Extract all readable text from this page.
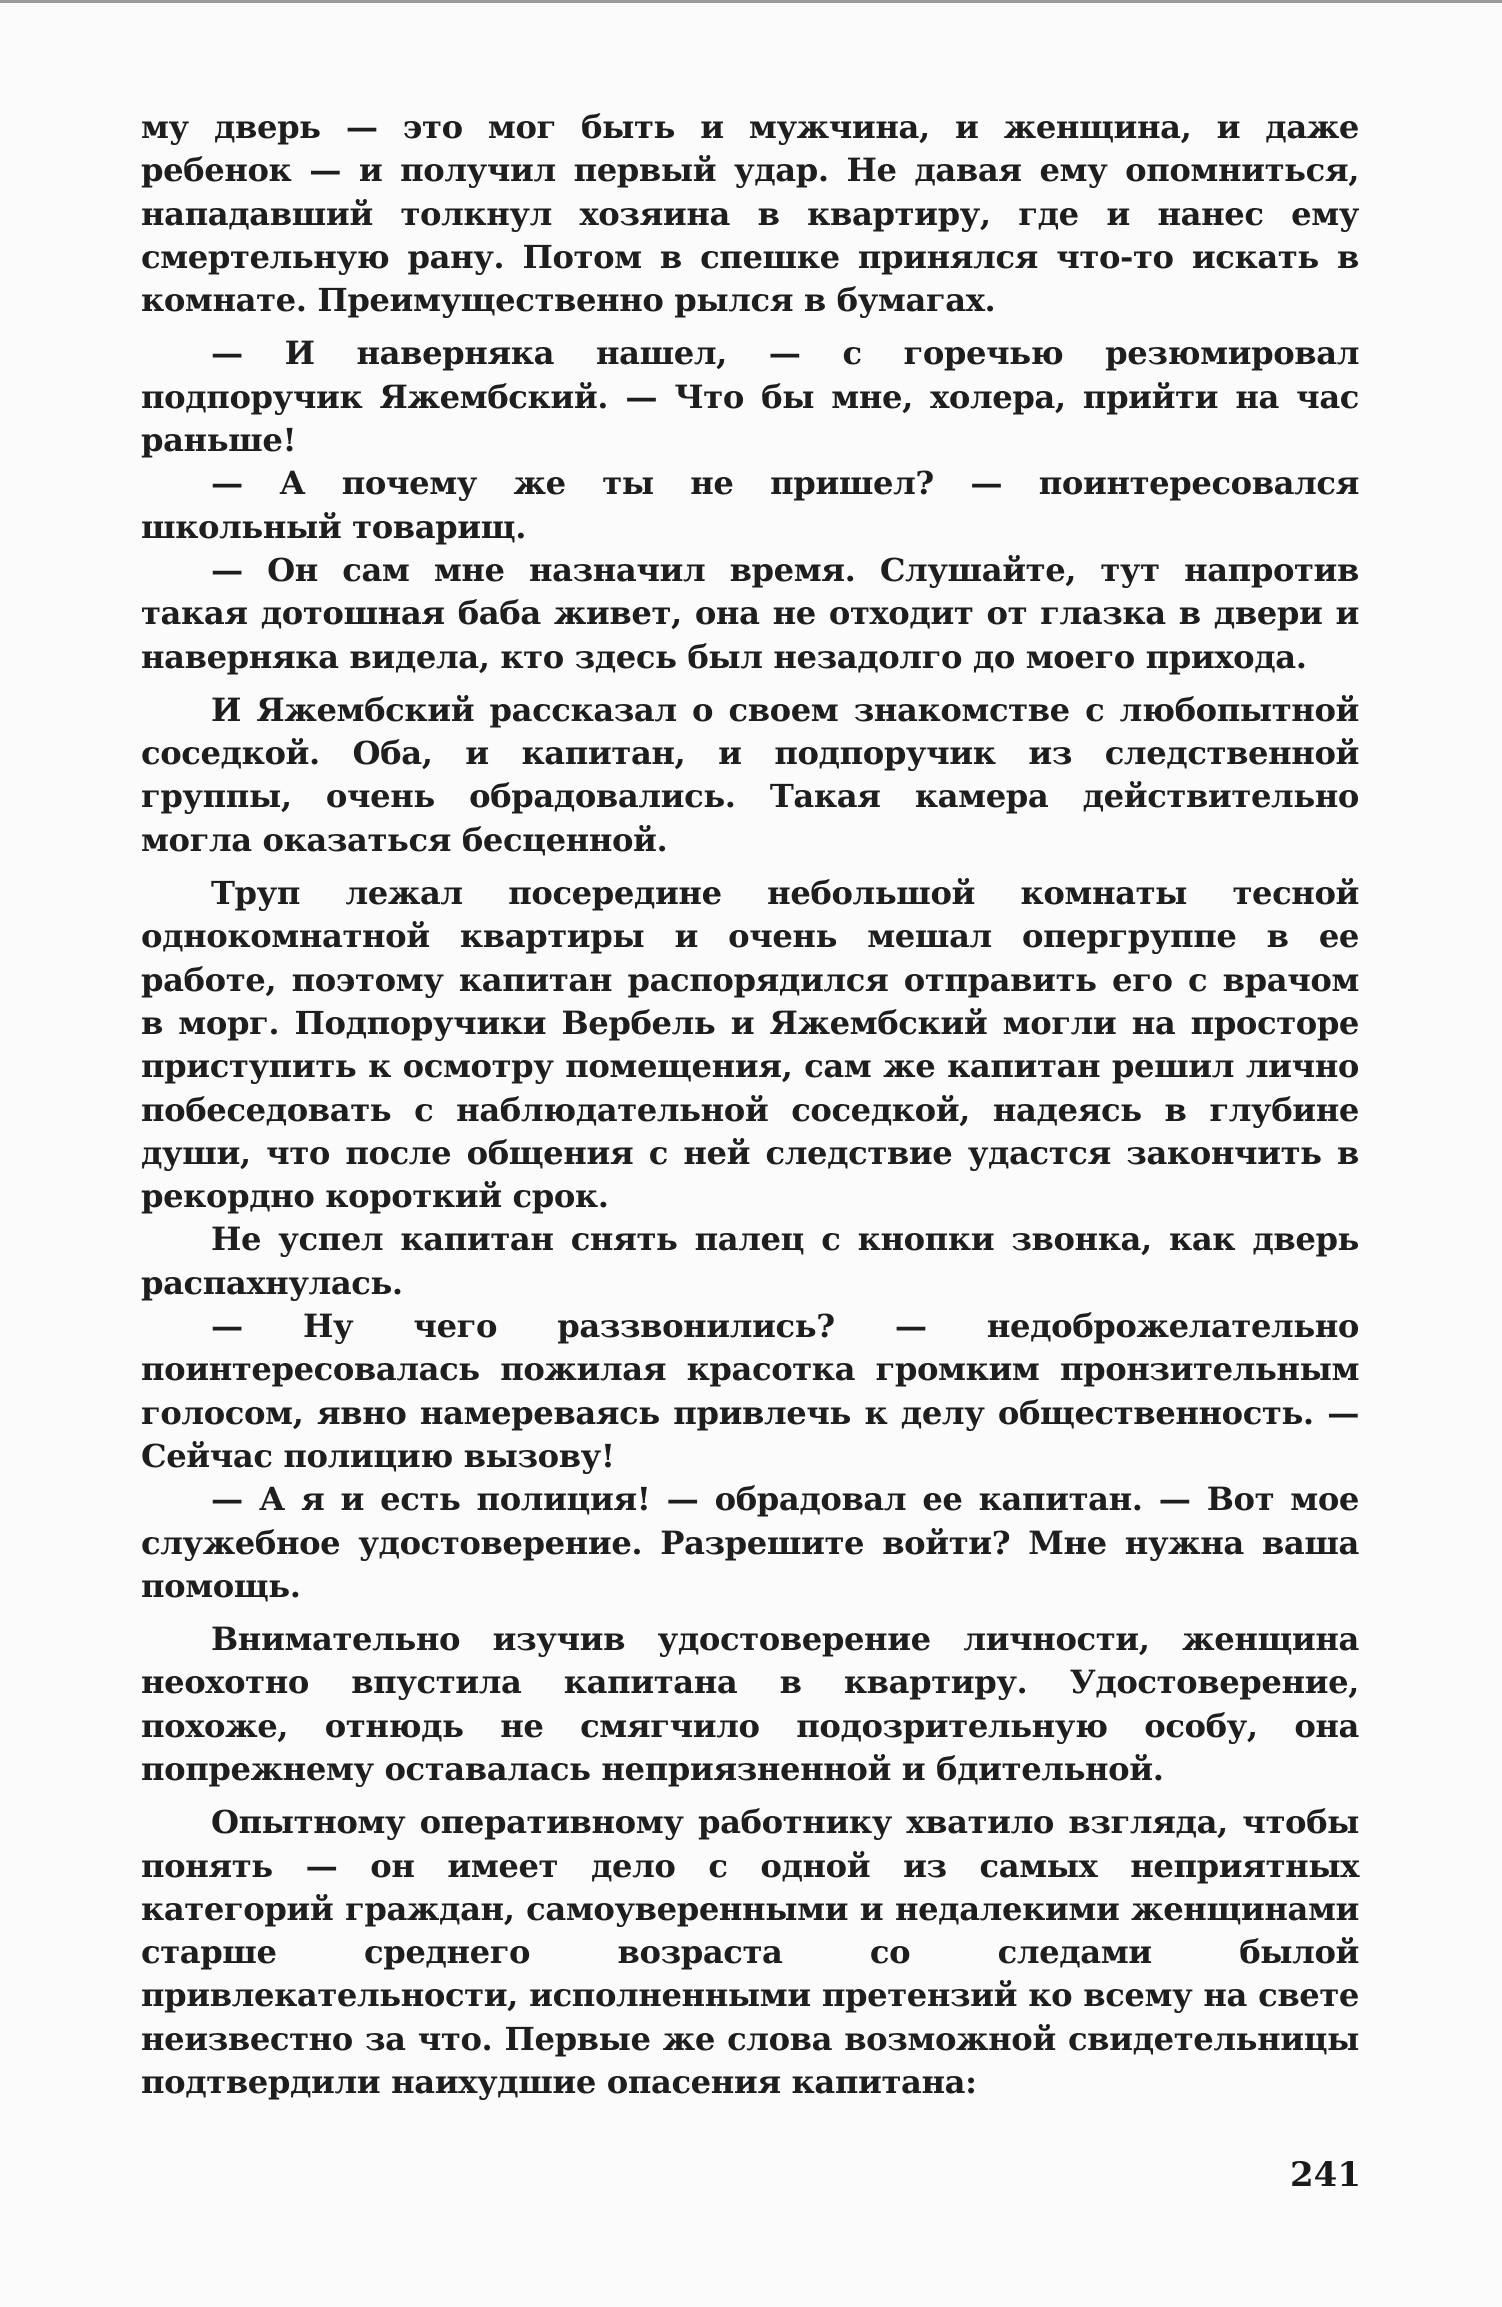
му дверь — это мог быть и мужчина, и женщина, и даже ребенок — и получил первый удар. Не давая ему опомниться, нападавший толкнул хозяина в квартиру, где и нанес ему смертельную рану. Потом в спешке принялся что-то искать в комнате. Преимущественно рылся в бумагах.

— И наверняка нашел, — с горечью резюмировал подпоручик Яжембский. — Что бы мне, холера, прийти на час раньше!

— А почему же ты не пришел? — поинтересовался школьный товарищ.

— Он сам мне назначил время. Слушайте, тут напротив такая дотошная баба живет, она не отходит от глазка в двери и наверняка видела, кто здесь был незадолго до моего прихода.

И Яжембский рассказал о своем знакомстве с любопытной соседкой. Оба, и капитан, и подпоручик из следственной группы, очень обрадовались. Такая камера действительно могла оказаться бесценной.

Труп лежал посередине небольшой комнаты тесной однокомнатной квартиры и очень мешал опергруппе в ее работе, поэтому капитан распорядился отправить его с врачом в морг. Подпоручики Вербель и Яжембский могли на просторе приступить к осмотру помещения, сам же капитан решил лично побеседовать с наблюдательной соседкой, надеясь в глубине души, что после общения с ней следствие удастся закончить в рекордно короткий срок.

Не успел капитан снять палец с кнопки звонка, как дверь распахнулась.

— Ну чего раззвонились? — недоброжелательно поинтересовалась пожилая красотка громким пронзительным голосом, явно намереваясь привлечь к делу общественность. — Сейчас полицию вызову!

— А я и есть полиция! — обрадовал ее капитан. — Вот мое служебное удостоверение. Разрешите войти? Мне нужна ваша помощь.

Внимательно изучив удостоверение личности, женщина неохотно впустила капитана в квартиру. Удостоверение, похоже, отнюдь не смягчило подозрительную особу, она попрежнему оставалась неприязненной и бдительной.

Опытному оперативному работнику хватило взгляда, чтобы понять — он имеет дело с одной из самых неприятных категорий граждан, самоуверенными и недалекими женщинами старше среднего возраста со следами былой привлекательности, исполненными претензий ко всему на свете неизвестно за что. Первые же слова возможной свидетельницы подтвердили наихудшие опасения капитана:

241
